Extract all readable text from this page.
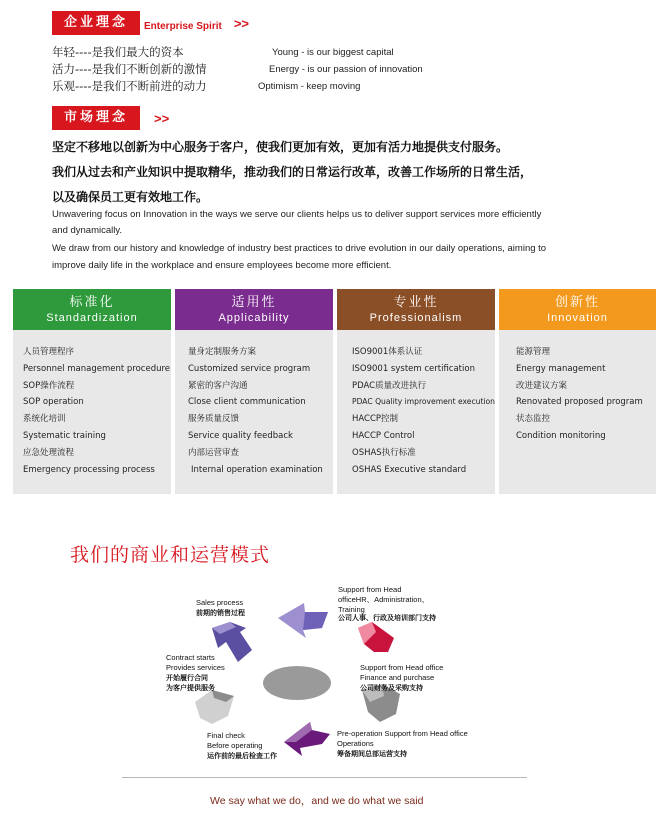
企业理念	Enterprise Spirit >>
年轻----是我们最大的资本	Young - is our biggest capital
活力----是我们不断创新的激情	Energy - is our passion of innovation
乐观----是我们不断前进的动力	Optimism - keep moving
市场理念	>>
坚定不移地以创新为中心服务于客户，使我们更加有效，更加有活力地提供支付服务。
我们从过去和产业知识中提取精华，推动我们的日常运行改革，改善工作场所的日常生活，
以及确保员工更有效地工作。
Unwavering focus on Innovation in the ways we serve our clients helps us to deliver support services more efficiently
and dynamically.
We draw from our history and knowledge of industry best practices to drive evolution in our daily operations, aiming to
improve daily life in the workplace and ensure employees become more efficient.
标准化
Standardization
人员管理程序
Personnel management procedure
SOP操作流程
SOP operation
系统化培训
Systematic training
应急处理流程
Emergency processing process
适用性
Applicability
量身定制服务方案
Customized service program
紧密的客户沟通
Close client communication
服务质量反馈
Service quality feedback
内部运营审查
Internal operation examination
专业性
Professionalism
ISO9001体系认证
ISO9001 system certification
PDAC质量改进执行
PDAC Quality improvement execution
HACCP控制
HACCP Control
OSHAS执行标准
OSHAS Executive standard
创新性
Innovation
能源管理
Energy management
改进建议方案
Renovated proposed program
状态监控
Condition monitoring
我们的商业和运营模式
Sales process
前期的销售过程
Support from Head
officeHR、Administration、
Training
公司人事、行政及培训部门支持
Contract starts
Provides services
开始履行合同
为客户提供服务
Support from Head office
Finance and purchase
公司财务及采购支持
Final check
Before operating
运作前的最后检查工作
Pre-operation Support from Head office
Operations
筹备期间总部运营支持
We say what we do，and we do what we said
